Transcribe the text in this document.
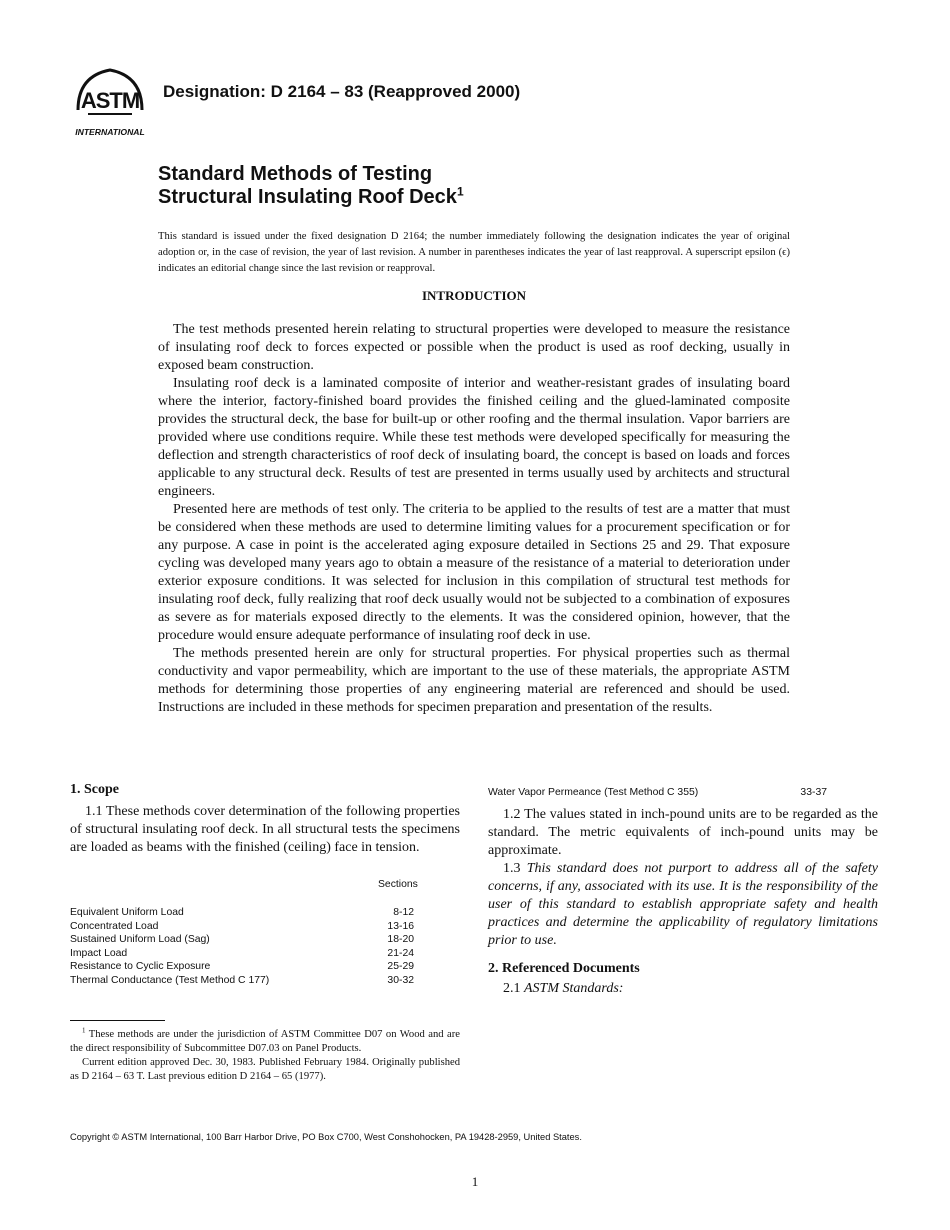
ASTM
INTERNATIONAL
Designation: D 2164 – 83 (Reapproved 2000)
Standard Methods of Testing
Structural Insulating Roof Deck$^1$
This standard is issued under the fixed designation D 2164; the number immediately following the designation indicates the year of original adoption or, in the case of revision, the year of last revision. A number in parentheses indicates the year of last reapproval. A superscript epsilon (ϵ) indicates an editorial change since the last revision or reapproval.
INTRODUCTION

The test methods presented herein relating to structural properties were developed to measure the resistance of insulating roof deck to forces expected or possible when the product is used as roof decking, usually in exposed beam construction.

Insulating roof deck is a laminated composite of interior and weather-resistant grades of insulating board where the interior, factory-finished board provides the finished ceiling and the glued-laminated composite provides the structural deck, the base for built-up or other roofing and the thermal insulation. Vapor barriers are provided where use conditions require. While these test methods were developed specifically for measuring the deflection and strength characteristics of roof deck of insulating board, the concept is based on loads and forces applicable to any structural deck. Results of test are presented in terms usually used by architects and structural engineers.

Presented here are methods of test only. The criteria to be applied to the results of test are a matter that must be considered when these methods are used to determine limiting values for a procurement specification or for any purpose. A case in point is the accelerated aging exposure detailed in Sections 25 and 29. That exposure cycling was developed many years ago to obtain a measure of the resistance of a material to deterioration under exterior exposure conditions. It was selected for inclusion in this compilation of structural test methods for insulating roof deck, fully realizing that roof deck usually would not be subjected to a combination of exposures as severe as for materials exposed directly to the elements. It was the considered opinion, however, that the procedure would ensure adequate performance of insulating roof deck in use.

The methods presented herein are only for structural properties. For physical properties such as thermal conductivity and vapor permeability, which are important to the use of these materials, the appropriate ASTM methods for determining those properties of any engineering material are referenced and should be used. Instructions are included in these methods for specimen preparation and presentation of the results.

1. Scope

1.1 These methods cover determination of the following properties of structural insulating roof deck. In all structural tests the specimens are loaded as beams with the finished (ceiling) face in tension.

Sections
Equivalent Uniform Load	8-12
Concentrated Load	13-16
Sustained Uniform Load (Sag)	18-20
Impact Load	21-24
Resistance to Cyclic Exposure	25-29
Thermal Conductance (Test Method C 177)	30-32
Water Vapor Permeance (Test Method C 355)	33-37

1.2 The values stated in inch-pound units are to be regarded as the standard. The metric equivalents of inch-pound units may be approximate.

1.3 This standard does not purport to address all of the safety concerns, if any, associated with its use. It is the responsibility of the user of this standard to establish appropriate safety and health practices and determine the applicability of regulatory limitations prior to use.

2. Referenced Documents

2.1 ASTM Standards:

$^1$ These methods are under the jurisdiction of ASTM Committee D07 on Wood and are the direct responsibility of Subcommittee D07.03 on Panel Products.

Current edition approved Dec. 30, 1983. Published February 1984. Originally published as D 2164 – 63 T. Last previous edition D 2164 – 65 (1977).

Copyright © ASTM International, 100 Barr Harbor Drive, PO Box C700, West Conshohocken, PA 19428-2959, United States.
1
